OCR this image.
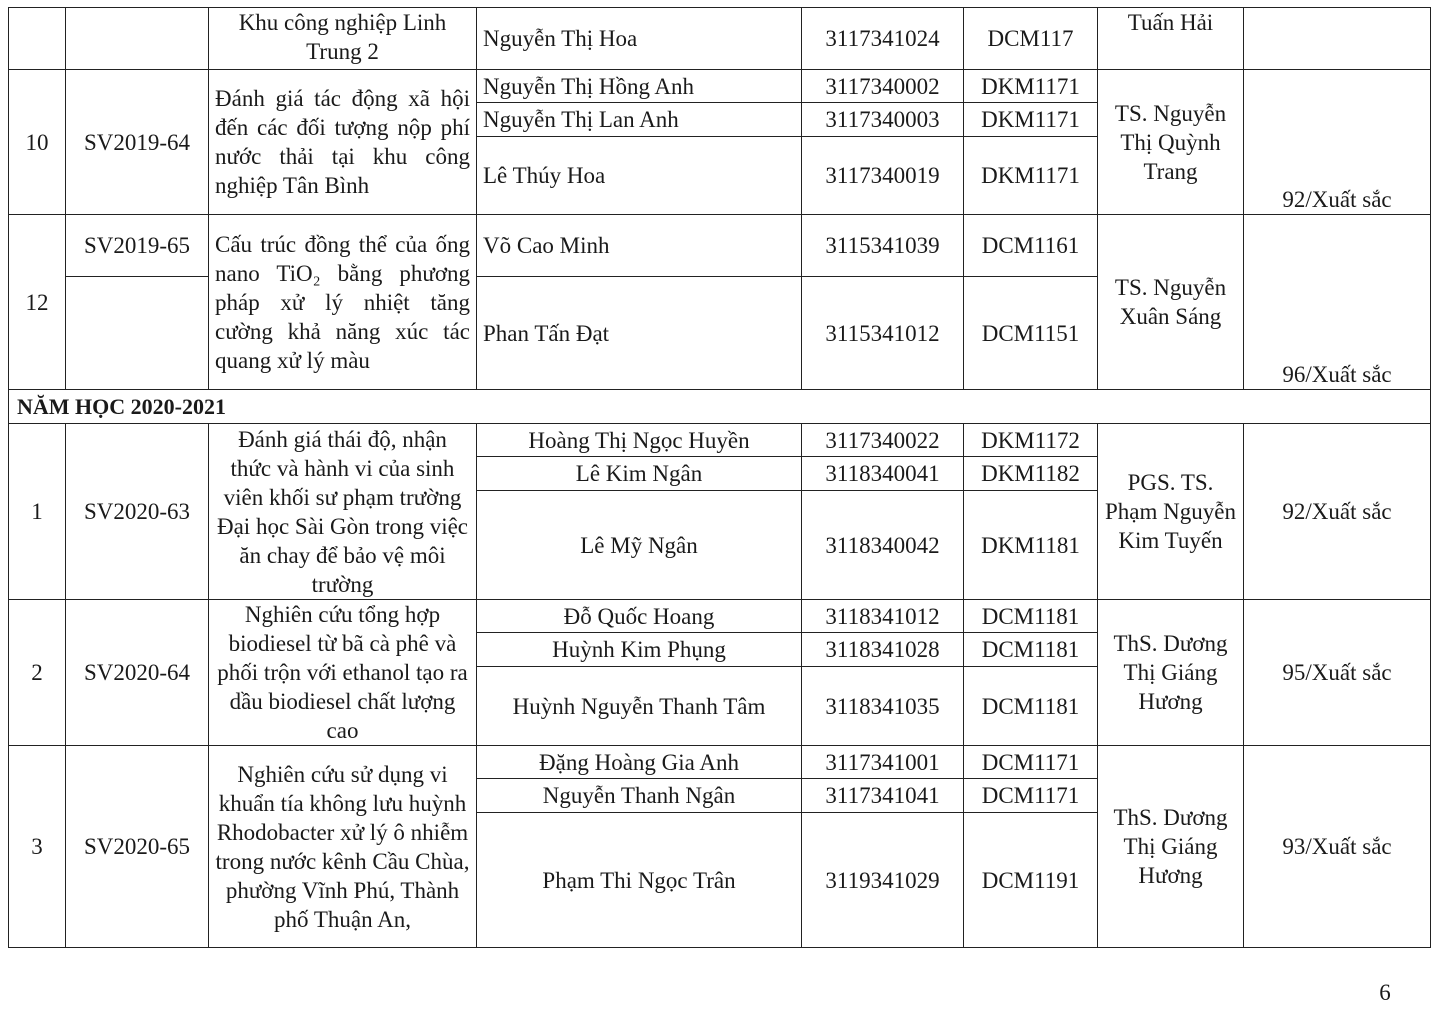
		Khu công nghiệp Linh Trung 2	Nguyễn Thị Hoa	3117341024	DCM117	Tuấn Hải	
10	SV2019-64	Đánh giá tác động xã hội đến các đối tượng nộp phí nước thải tại khu công nghiệp Tân Bình	Nguyễn Thị Hồng Anh	3117340002	DKM1171	TS. Nguyễn Thị Quỳnh Trang	92/Xuất sắc
			Nguyễn Thị Lan Anh	3117340003	DKM1171		
			Lê Thúy Hoa	3117340019	DKM1171		
12	SV2019-65	Cấu trúc đồng thể của ống nano TiO₂ bằng phương pháp xử lý nhiệt tăng cường khả năng xúc tác quang xử lý màu	Võ Cao Minh	3115341039	DCM1161	TS. Nguyễn Xuân Sáng	96/Xuất sắc
			Phan Tấn Đạt	3115341012	DCM1151		
NĂM HỌC 2020-2021							
1	SV2020-63	Đánh giá thái độ, nhận thức và hành vi của sinh viên khối sư phạm trường Đại học Sài Gòn trong việc ăn chay để bảo vệ môi trường	Hoàng Thị Ngọc Huyền	3117340022	DKM1172	PGS. TS. Phạm Nguyễn Kim Tuyến	92/Xuất sắc
			Lê Kim Ngân	3118340041	DKM1182		
			Lê Mỹ Ngân	3118340042	DKM1181		
2	SV2020-64	Nghiên cứu tổng hợp biodiesel từ bã cà phê và phối trộn với ethanol tạo ra dầu biodiesel chất lượng cao	Đỗ Quốc Hoang	3118341012	DCM1181	ThS. Dương Thị Giáng Hương	95/Xuất sắc
			Huỳnh Kim Phụng	3118341028	DCM1181		
			Huỳnh Nguyễn Thanh Tâm	3118341035	DCM1181		
3	SV2020-65	Nghiên cứu sử dụng vi khuẩn tía không lưu huỳnh Rhodobacter xử lý ô nhiễm trong nước kênh Cầu Chùa, phường Vĩnh Phú, Thành phố Thuận An,	Đặng Hoàng Gia Anh	3117341001	DCM1171	ThS. Dương Thị Giáng Hương	93/Xuất sắc
			Nguyễn Thanh Ngân	3117341041	DCM1171		
			Phạm Thi Ngọc Trân	3119341029	DCM1191		
6
